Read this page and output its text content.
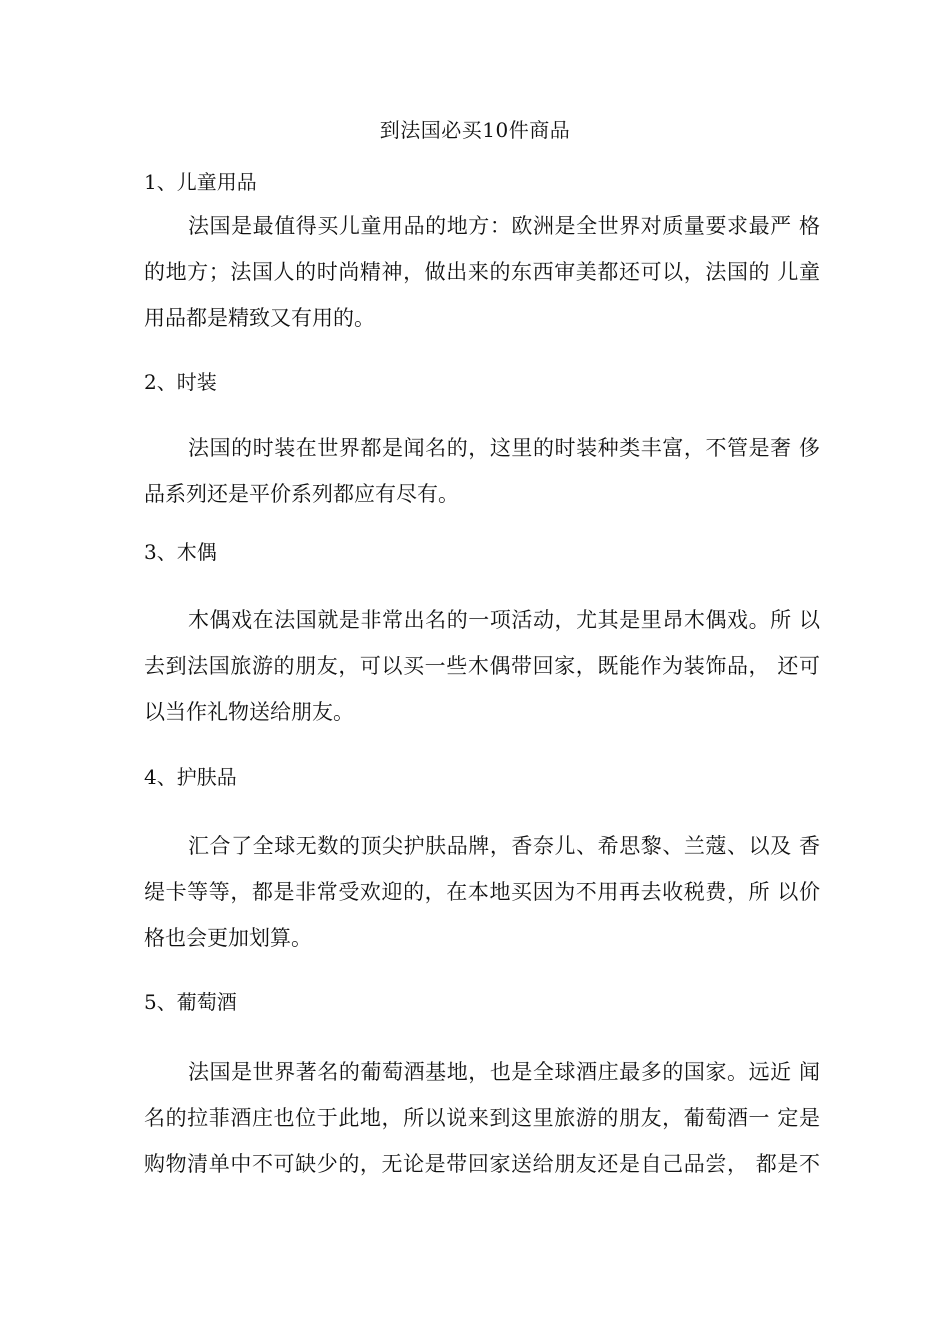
到法国必买10件商品
1、儿童用品
法国是最值得买儿童用品的地方：欧洲是全世界对质量要求最严 格
的地方；法国人的时尚精神，做出来的东西审美都还可以，法国的 儿童
用品都是精致又有用的。
2、时装
法国的时装在世界都是闻名的，这里的时装种类丰富，不管是奢 侈
品系列还是平价系列都应有尽有。
3、木偶
木偶戏在法国就是非常出名的一项活动，尤其是里昂木偶戏。所 以
去到法国旅游的朋友，可以买一些木偶带回家，既能作为装饰品， 还可
以当作礼物送给朋友。
4、护肤品
汇合了全球无数的顶尖护肤品牌，香奈儿、希思黎、兰蔻、以及 香
缇卡等等，都是非常受欢迎的，在本地买因为不用再去收税费，所 以价
格也会更加划算。
5、葡萄酒
法国是世界著名的葡萄酒基地，也是全球酒庄最多的国家。远近 闻
名的拉菲酒庄也位于此地，所以说来到这里旅游的朋友，葡萄酒一 定是
购物清单中不可缺少的，无论是带回家送给朋友还是自己品尝， 都是不
